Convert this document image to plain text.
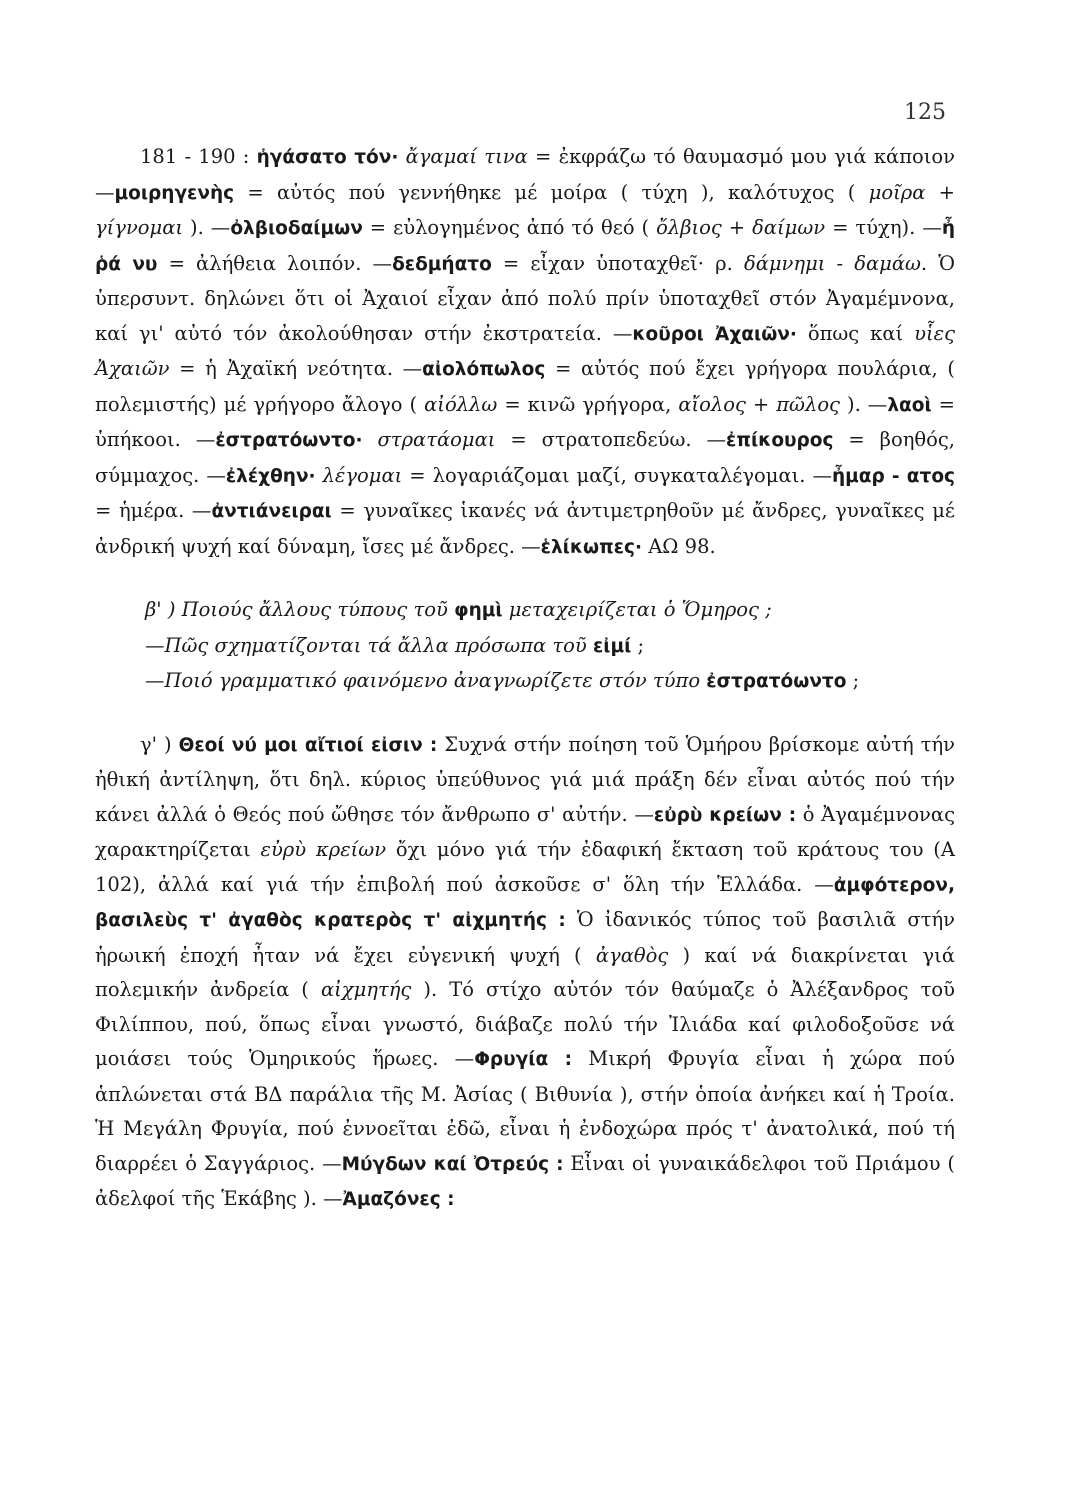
125

181 - 190 : ἠγάσατο τόν· ἄγαμαί τινα = ἐκφράζω τό θαυμασμό μου γιά κάποιον —μοιρηγενὴς = αὐτός πού γεννήθηκε μέ μοίρα ( τύχη ), καλότυχος ( μοῖρα + γίγνομαι ). —ὀλβιοδαίμων = εὐλογημένος ἀπό τό θεό ( ὄλβιος + δαίμων = τύχη). —ἦ ῥά νυ = ἀλήθεια λοιπόν. —δεδμήατο = εἶχαν ὑποταχθεῖ· ρ. δάμνημι - δαμάω. Ὁ ὑπερσυντ. δηλώνει ὅτι οἱ Ἀχαιοί εἶχαν ἀπό πολύ πρίν ὑποταχθεῖ στόν Ἀγαμέμνονα, καί γι' αὐτό τόν ἀκολούθησαν στήν ἐκστρατεία. —κοῦροι Ἀχαιῶν· ὅπως καί υἷες Ἀχαιῶν = ἡ Ἀχαϊκή νεότητα. —αἰολόπωλος = αὐτός πού ἔχει γρήγορα πουλάρια, ( πολεμιστής) μέ γρήγορο ἄλογο ( αἰόλλω = κινῶ γρήγορα, αἴολος + πῶλος ). —λαοὶ = ὑπήκοοι. —ἐστρατόωντο· στρατάομαι = στρατοπεδεύω. —ἐπίκουρος = βοηθός, σύμμαχος. —ἐλέχθην· λέγομαι = λογαριάζομαι μαζί, συγκαταλέγομαι. —ἦμαρ - ατος = ἡμέρα. —ἀντιάνειραι = γυναῖκες ἱκανές νά ἀντιμετρηθοῦν μέ ἄνδρες, γυναῖκες μέ ἀνδρική ψυχή καί δύναμη, ἴσες μέ ἄνδρες. —ἑλίκωπες· ΑΩ 98.

β' ) Ποιούς ἄλλους τύπους τοῦ φημὶ μεταχειρίζεται ὁ Ὅμηρος ;

—Πῶς σχηματίζονται τά ἄλλα πρόσωπα τοῦ εἰμί ;

—Ποιό γραμματικό φαινόμενο ἀναγνωρίζετε στόν τύπο ἐστρατόωντο ;

γ' ) Θεοί νύ μοι αἴτιοί εἰσιν : Συχνά στήν ποίηση τοῦ Ὁμήρου βρίσκομε αὐτή τήν ἠθική ἀντίληψη, ὅτι δηλ. κύριος ὑπεύθυνος γιά μιά πράξη δέν εἶναι αὐτός πού τήν κάνει ἀλλά ὁ Θεός πού ὤθησε τόν ἄνθρωπο σ' αὐτήν. —εὐρὺ κρείων : ὁ Ἀγαμέμνονας χαρακτηρίζεται εὐρὺ κρείων ὄχι μόνο γιά τήν ἐδαφική ἔκταση τοῦ κράτους του (Α 102), ἀλλά καί γιά τήν ἐπιβολή πού ἀσκοῦσε σ' ὅλη τήν Ἑλλάδα. —ἀμφότερον, βασιλεὺς τ' ἀγαθὸς κρατερὸς τ' αἰχμητής : Ὁ ἰδανικός τύπος τοῦ βασιλιᾶ στήν ἡρωική ἐποχή ἦταν νά ἔχει εὐγενική ψυχή ( ἀγαθὸς ) καί νά διακρίνεται γιά πολεμικήν ἀνδρεία ( αἰχμητής ). Τό στίχο αὐτόν τόν θαύμαζε ὁ Ἀλέξανδρος τοῦ Φιλίππου, πού, ὅπως εἶναι γνωστό, διάβαζε πολύ τήν Ἰλιάδα καί φιλοδοξοῦσε νά μοιάσει τούς Ὁμηρικούς ἥρωες. —Φρυγία : Μικρή Φρυγία εἶναι ἡ χώρα πού ἁπλώνεται στά ΒΔ παράλια τῆς Μ. Ἀσίας ( Βιθυνία ), στήν ὁποία ἀνήκει καί ἡ Τροία. Ἡ Μεγάλη Φρυγία, πού ἐννοεῖται ἐδῶ, εἶναι ἡ ἐνδοχώρα πρός τ' ἀνατολικά, πού τή διαρρέει ὁ Σαγγάριος. —Μύγδων καί Ὀτρεύς : Εἶναι οἱ γυναικάδελφοι τοῦ Πριάμου ( ἀδελφοί τῆς Ἑκάβης ). —Ἀμαζόνες :
